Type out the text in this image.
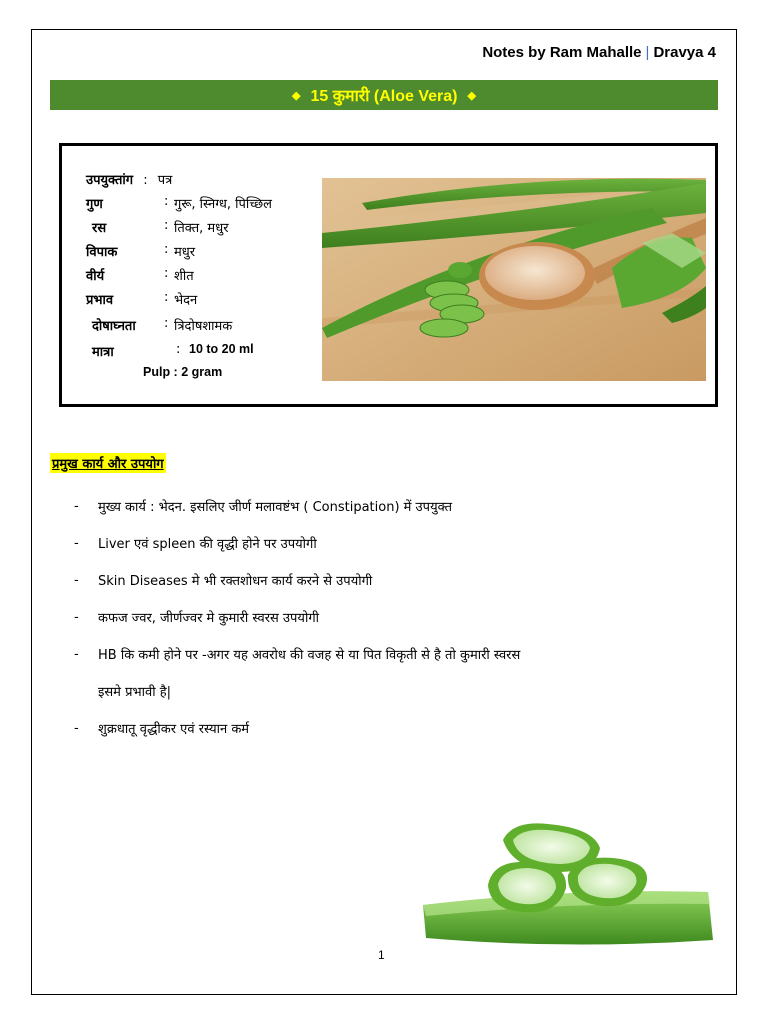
Notes by Ram Mahalle | Dravya 4
◆ 15 कुमारी (Aloe Vera) ◆
उपयुक्तांग : पत्र
गुण	: गुरू, स्निग्ध, पिच्छिल
रस	: तिक्त, मधुर
विपाक	: मधुर
वीर्य	: शीत
प्रभाव	: भेदन
दोषाघ्नता : त्रिदोषशामक
मात्रा	: 10 to 20 ml
Pulp : 2 gram
प्रमुख कार्य और उपयोग
- मुख्य कार्य : भेदन. इसलिए जीर्ण मलावष्टंभ ( Constipation) में उपयुक्त
- Liver एवं spleen की वृद्धी होने पर उपयोगी
- Skin Diseases मे भी रक्तशोधन कार्य करने से उपयोगी
- कफज ज्वर, जीर्णज्वर मे कुमारी स्वरस उपयोगी
- HB कि कमी होने पर -अगर यह अवरोध की वजह से या पित विकृती से है तो कुमारी स्वरस
इसमे प्रभावी है|
- शुक्रधातू वृद्धीकर एवं रस्यान कर्म
1
